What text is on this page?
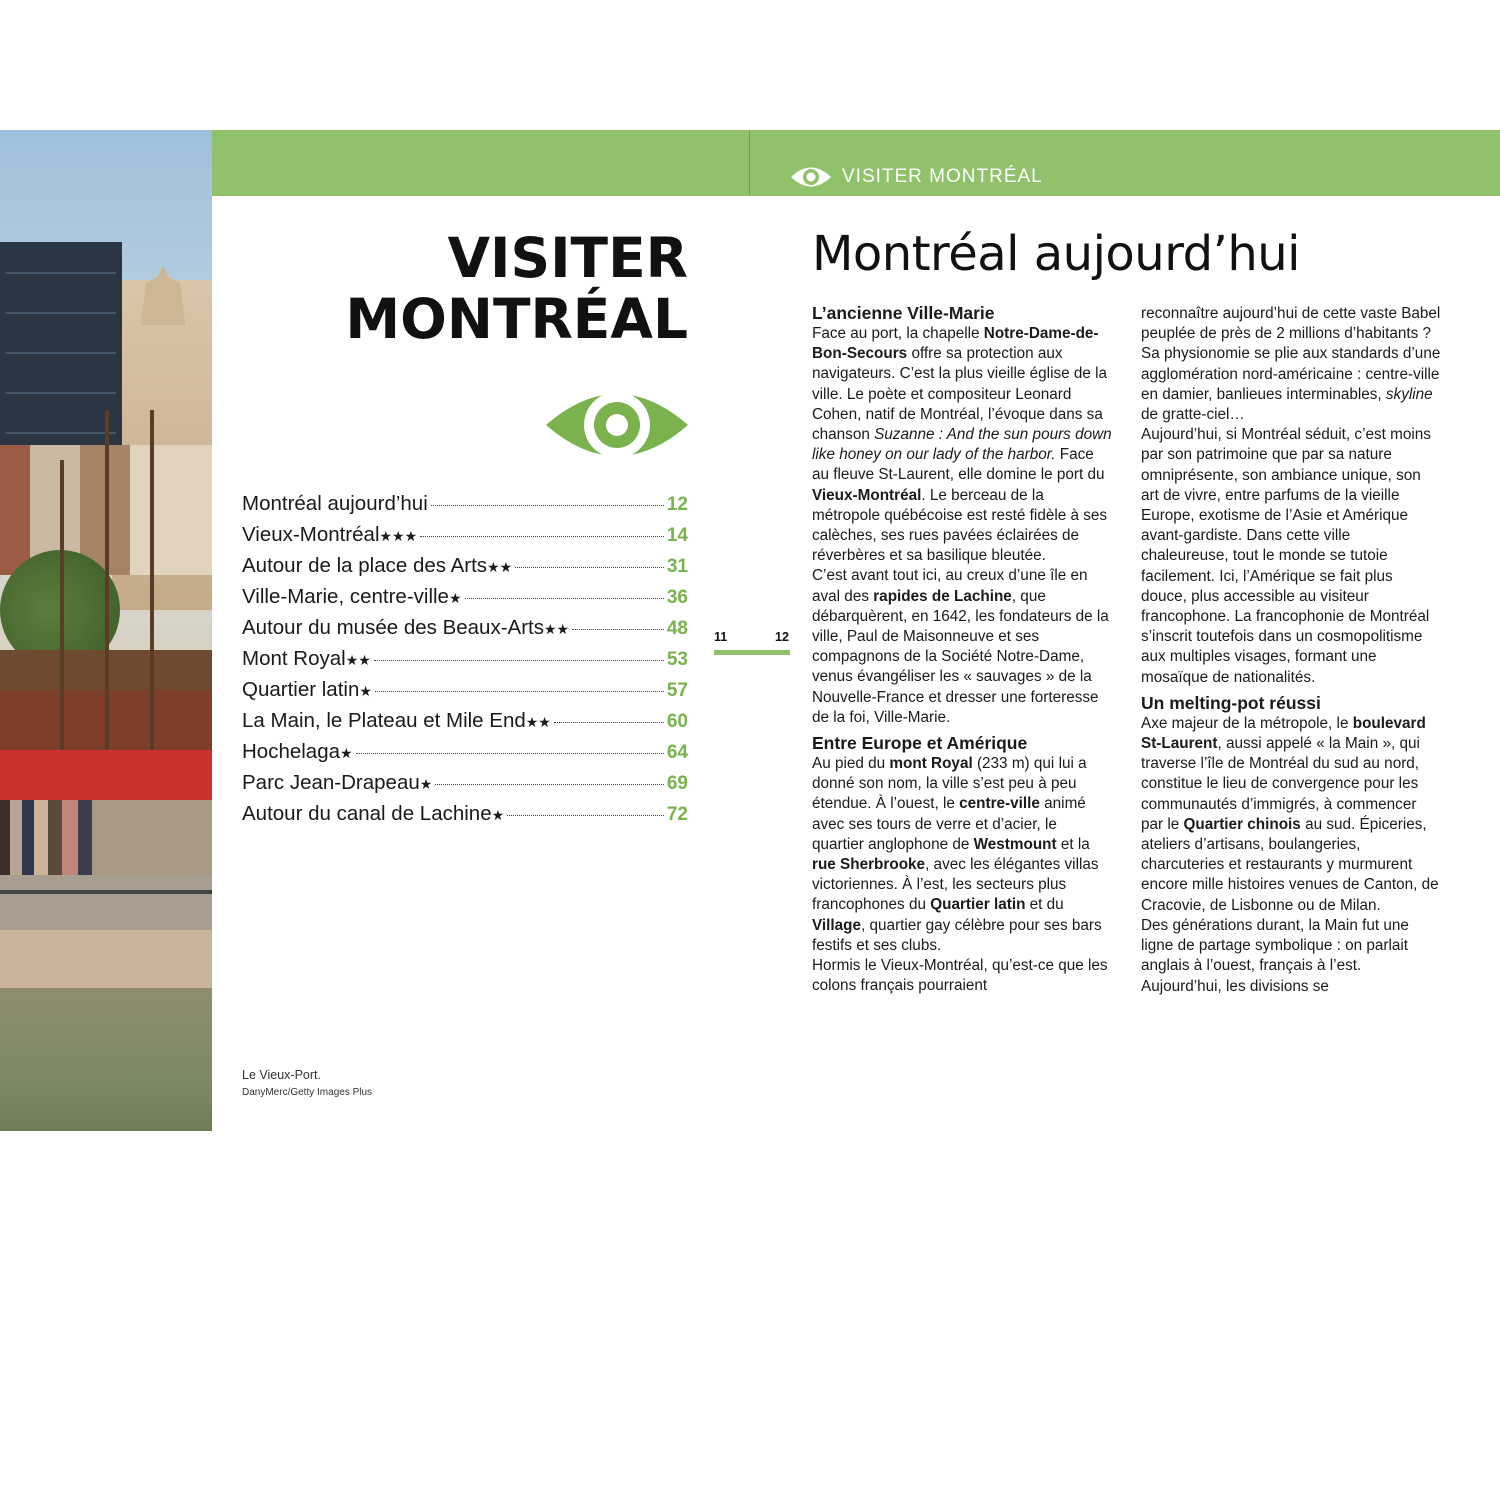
VISITER MONTRÉAL
VISITER
MONTRÉAL
Montréal aujourd’hui	12
Vieux-Montréal ★★★	14
Autour de la place des Arts ★★	31
Ville-Marie, centre-ville ★	36
Autour du musée des Beaux-Arts ★★	48
Mont Royal ★★	53
Quartier latin ★	57
La Main, le Plateau et Mile End ★★	60
Hochelaga ★	64
Parc Jean-Drapeau ★	69
Autour du canal de Lachine ★	72
Le Vieux-Port.
DanyMerc/Getty Images Plus
11	12
Montréal aujourd’hui
L’ancienne Ville-Marie

Face au port, la chapelle Notre-Dame-de-Bon-Secours offre sa protection aux navigateurs. C’est la plus vieille église de la ville. Le poète et compositeur Leonard Cohen, natif de Montréal, l’évoque dans sa chanson Suzanne : And the sun pours down like honey on our lady of the harbor. Face au fleuve St-Laurent, elle domine le port du Vieux-Montréal. Le berceau de la métropole québécoise est resté fidèle à ses calèches, ses rues pavées éclairées de réverbères et sa basilique bleutée.

C’est avant tout ici, au creux d’une île en aval des rapides de Lachine, que débarquèrent, en 1642, les fondateurs de la ville, Paul de Maisonneuve et ses compagnons de la Société Notre-Dame, venus évangéliser les « sauvages » de la Nouvelle-France et dresser une forteresse de la foi, Ville-Marie.

Entre Europe et Amérique

Au pied du mont Royal (233 m) qui lui a donné son nom, la ville s’est peu à peu étendue. À l’ouest, le centre-ville animé avec ses tours de verre et d’acier, le quartier anglophone de Westmount et la rue Sherbrooke, avec les élégantes villas victoriennes. À l’est, les secteurs plus francophones du Quartier latin et du Village, quartier gay célèbre pour ses bars festifs et ses clubs.

Hormis le Vieux-Montréal, qu’est-ce que les colons français pourraient

reconnaître aujourd’hui de cette vaste Babel peuplée de près de 2 millions d’habitants ? Sa physionomie se plie aux standards d’une agglomération nord-américaine : centre-ville en damier, banlieues interminables, skyline de gratte-ciel…

Aujourd’hui, si Montréal séduit, c’est moins par son patrimoine que par sa nature omniprésente, son ambiance unique, son art de vivre, entre parfums de la vieille Europe, exotisme de l’Asie et Amérique avant-gardiste. Dans cette ville chaleureuse, tout le monde se tutoie facilement. Ici, l’Amérique se fait plus douce, plus accessible au visiteur francophone. La francophonie de Montréal s’inscrit toutefois dans un cosmopolitisme aux multiples visages, formant une mosaïque de nationalités.

Un melting-pot réussi

Axe majeur de la métropole, le boulevard St-Laurent, aussi appelé « la Main », qui traverse l’île de Montréal du sud au nord, constitue le lieu de convergence pour les communautés d’immigrés, à commencer par le Quartier chinois au sud. Épiceries, ateliers d’artisans, boulangeries, charcuteries et restaurants y murmurent encore mille histoires venues de Canton, de Cracovie, de Lisbonne ou de Milan.

Des générations durant, la Main fut une ligne de partage symbolique : on parlait anglais à l’ouest, français à l’est. Aujourd’hui, les divisions se
